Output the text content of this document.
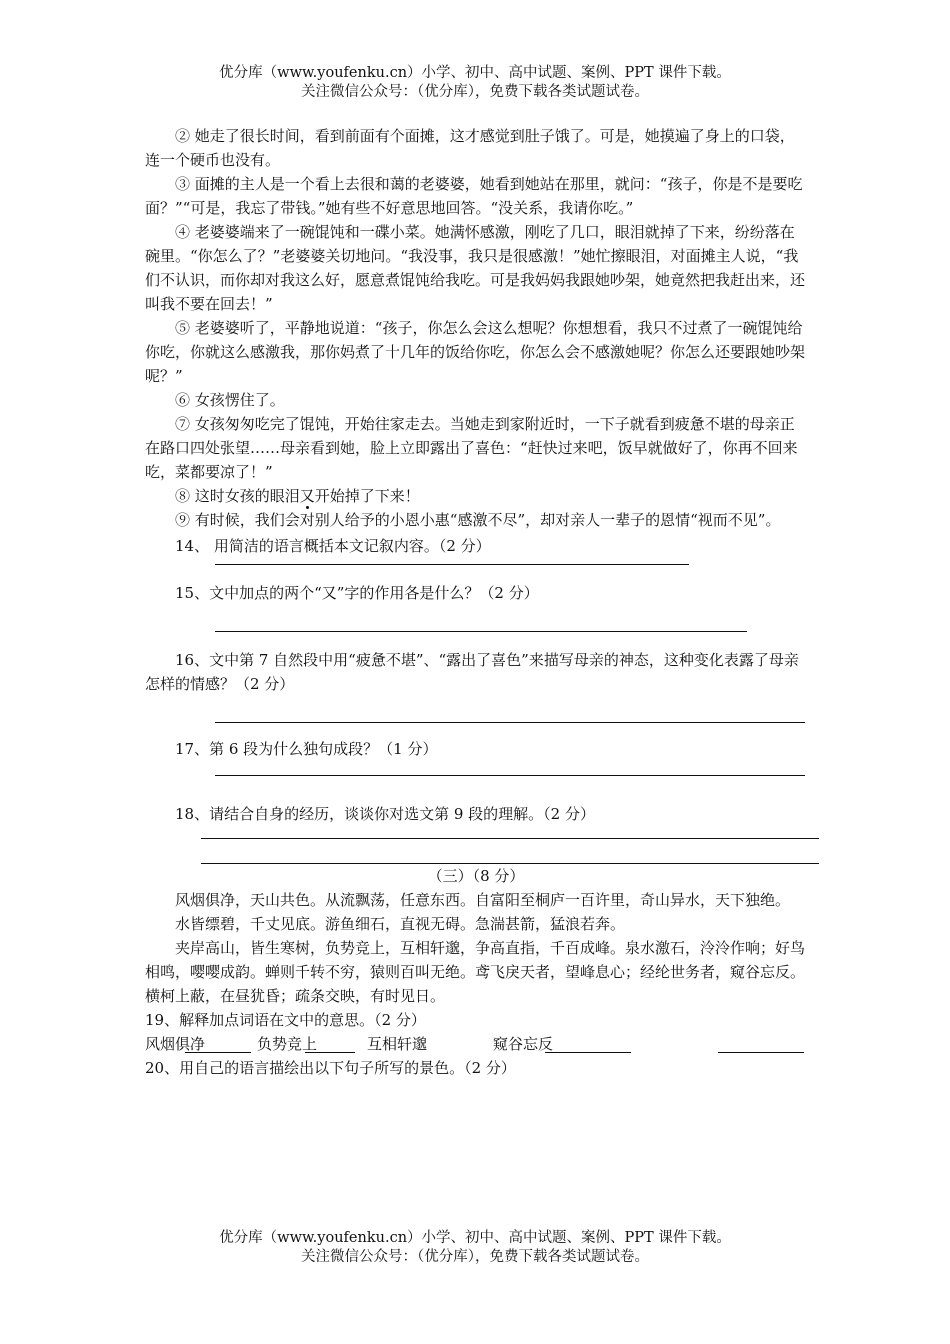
优分库（www.youfenku.cn）小学、初中、高中试题、案例、PPT 课件下载。
关注微信公众号：（优分库），免费下载各类试题试卷。

② 她走了很长时间，看到前面有个面摊，这才感觉到肚子饿了。可是，她摸遍了身上的口袋，连一个硬币也没有。

③ 面摊的主人是一个看上去很和蔼的老婆婆，她看到她站在那里，就问：“孩子，你是不是要吃面？”“可是，我忘了带钱。”她有些不好意思地回答。“没关系，我请你吃。”

④ 老婆婆端来了一碗馄饨和一碟小菜。她满怀感激，刚吃了几口，眼泪就掉了下来，纷纷落在碗里。“你怎么了？”老婆婆关切地问。“我没事，我只是很感激！”她忙擦眼泪，对面摊主人说，“我们不认识，而你却对我这么好，愿意煮馄饨给我吃。可是我妈妈我跟她吵架，她竟然把我赶出来，还叫我不要在回去！”

⑤ 老婆婆听了，平静地说道：“孩子，你怎么会这么想呢？你想想看，我只不过煮了一碗馄饨给你吃，你就这么感激我，那你妈煮了十几年的饭给你吃，你怎么会不感激她呢？你怎么还要跟她吵架呢？”

⑥ 女孩愣住了。

⑦ 女孩匆匆吃完了馄饨，开始往家走去。当她走到家附近时，一下子就看到疲惫不堪的母亲正在路口四处张望……母亲看到她，脸上立即露出了喜色：“赶快过来吧，饭早就做好了，你再不回来吃，菜都要凉了！”

⑧ 这时女孩的眼泪又开始掉了下来！

⑨ 有时候，我们会对别人给予的小恩小惠“感激不尽”，却对亲人一辈子的恩情“视而不见”。

14、 用简洁的语言概括本文记叙内容。（2 分）

15、文中加点的两个“又”字的作用各是什么？（2 分）

16、文中第 7 自然段中用“疲惫不堪”、“露出了喜色”来描写母亲的神态，这种变化表露了母亲怎样的情感？（2 分）

17、第 6 段为什么独句成段？（1 分）

18、请结合自身的经历，谈谈你对选文第 9 段的理解。（2 分）

（三）（8 分）

风烟俱净，天山共色。从流飘荡，任意东西。自富阳至桐庐一百许里，奇山异水，天下独绝。

水皆缥碧，千丈见底。游鱼细石，直视无碍。急湍甚箭，猛浪若奔。

夹岸高山，皆生寒树，负势竞上，互相轩邈，争高直指，千百成峰。泉水激石，泠泠作响；好鸟相鸣，嘤嘤成韵。蝉则千转不穷，猿则百叫无绝。鸢飞戾天者，望峰息心；经纶世务者，窥谷忘反。横柯上蔽，在昼犹昏；疏条交映，有时见日。

19、解释加点词语在文中的意思。（2 分）

风烟俱净	负势竞上	互相轩邈	窥谷忘反

20、用自己的语言描绘出以下句子所写的景色。（2 分）

优分库（www.youfenku.cn）小学、初中、高中试题、案例、PPT 课件下载。
关注微信公众号：（优分库），免费下载各类试题试卷。
